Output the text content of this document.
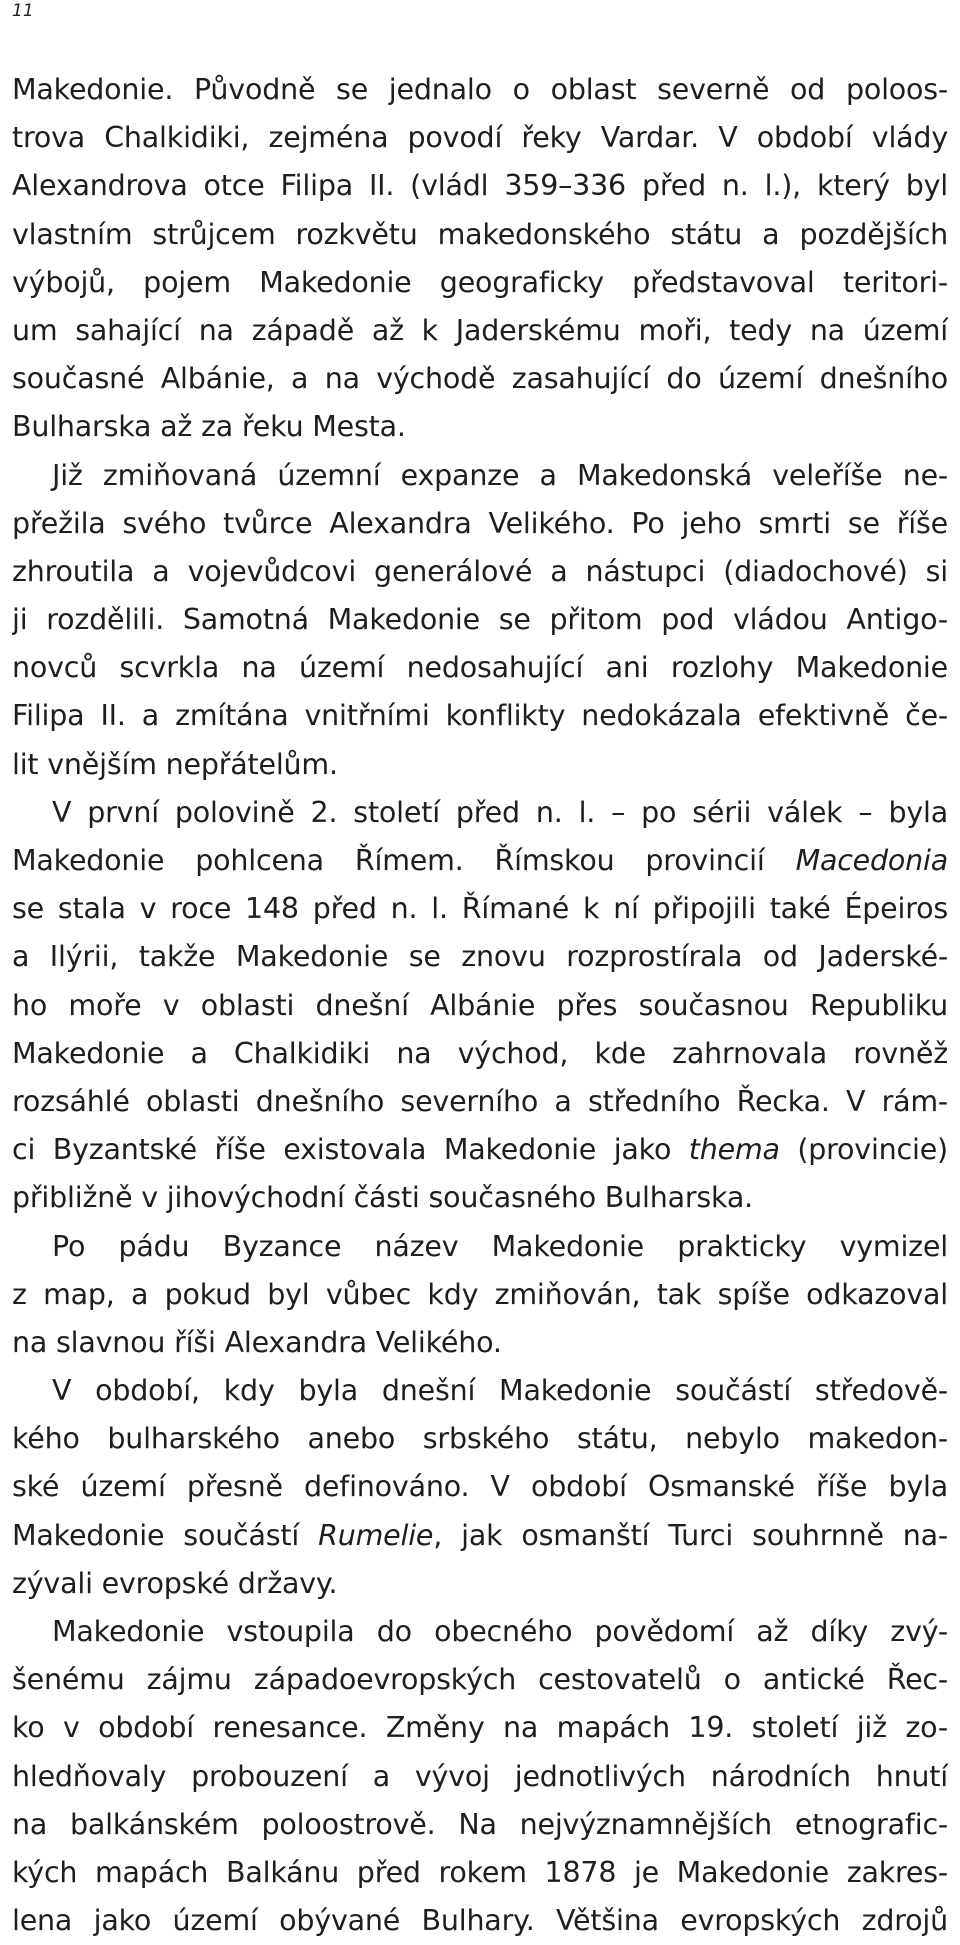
11
Makedonie. Původně se jednalo o oblast severně od poloos-
trova Chalkidiki, zejména povodí řeky Vardar. V období vlády
Alexandrova otce Filipa II. (vládl 359–336 před n. l.), který byl
vlastním strůjcem rozkvětu makedonského státu a pozdějších
výbojů, pojem Makedonie geograficky představoval teritori-
um sahající na západě až k Jaderskému moři, tedy na území
současné Albánie, a na východě zasahující do území dnešního
Bulharska až za řeku Mesta.
Již zmiňovaná územní expanze a Makedonská veleříše ne-
přežila svého tvůrce Alexandra Velikého. Po jeho smrti se říše
zhroutila a vojevůdcovi generálové a nástupci (diadochové) si
ji rozdělili. Samotná Makedonie se přitom pod vládou Antigo-
novců scvrkla na území nedosahující ani rozlohy Makedonie
Filipa II. a zmítána vnitřními konflikty nedokázala efektivně če-
lit vnějším nepřátelům.
V první polovině 2. století před n. l. – po sérii válek – byla
Makedonie pohlcena Římem. Římskou provincií Macedonia
se stala v roce 148 před n. l. Římané k ní připojili také Épeiros
a Ilýrii, takže Makedonie se znovu rozprostírala od Jaderské-
ho moře v oblasti dnešní Albánie přes současnou Republiku
Makedonie a Chalkidiki na východ, kde zahrnovala rovněž
rozsáhlé oblasti dnešního severního a středního Řecka. V rám-
ci Byzantské říše existovala Makedonie jako thema (provincie)
přibližně v jihovýchodní části současného Bulharska.
Po pádu Byzance název Makedonie prakticky vymizel
z map, a pokud byl vůbec kdy zmiňován, tak spíše odkazoval
na slavnou říši Alexandra Velikého.
V období, kdy byla dnešní Makedonie součástí středově-
kého bulharského anebo srbského státu, nebylo makedon-
ské území přesně definováno. V období Osmanské říše byla
Makedonie součástí Rumelie, jak osmanští Turci souhrnně na-
zývali evropské državy.
Makedonie vstoupila do obecného povědomí až díky zvý-
šenému zájmu západoevropských cestovatelů o antické Řec-
ko v období renesance. Změny na mapách 19. století již zo-
hledňovaly probouzení a vývoj jednotlivých národních hnutí
na balkánském poloostrově. Na nejvýznamnějších etnografic-
kých mapách Balkánu před rokem 1878 je Makedonie zakres-
lena jako území obývané Bulhary. Většina evropských zdrojů
